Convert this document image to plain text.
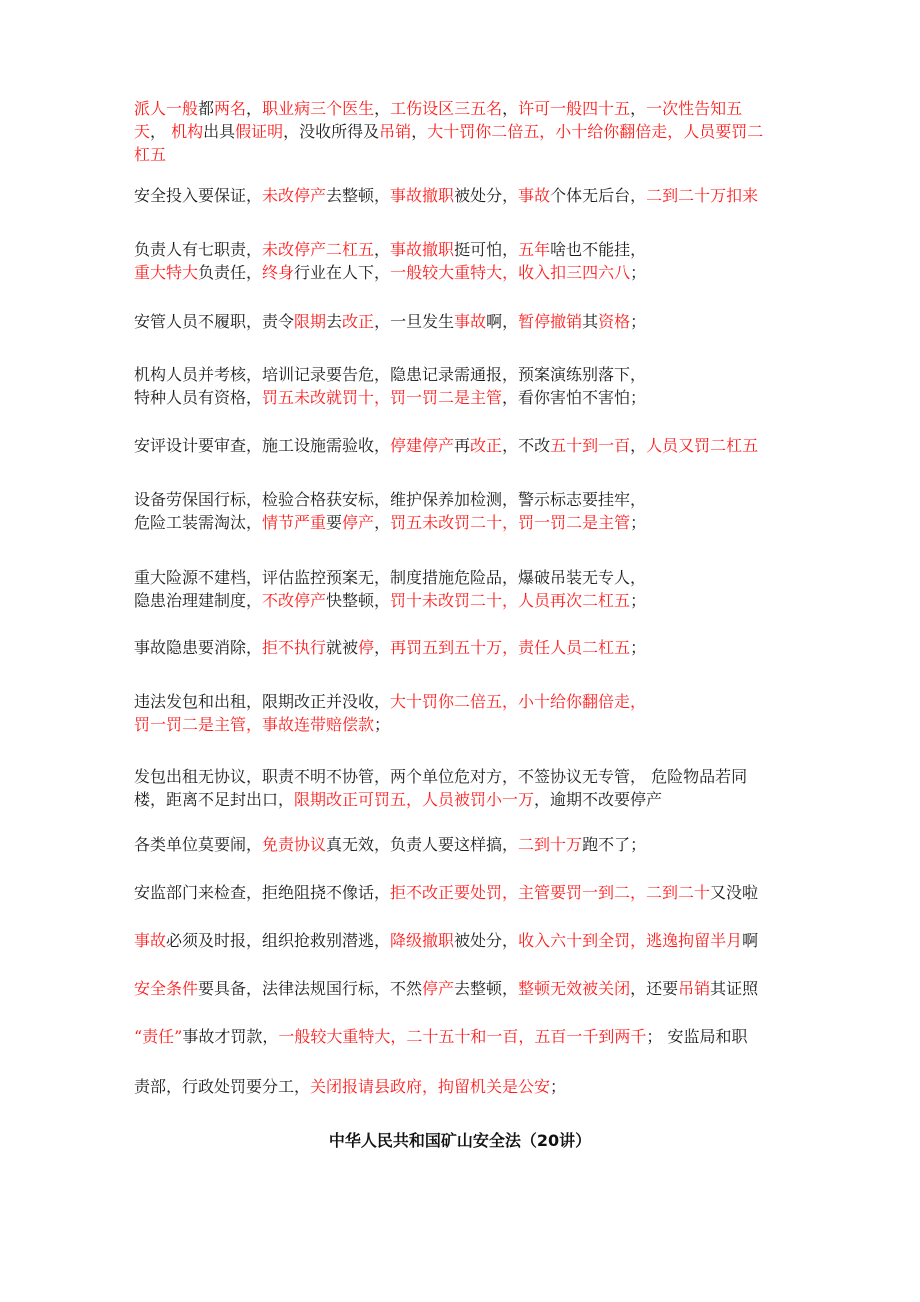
派人一般都两名，职业病三个医生，工伤设区三五名，许可一般四十五，一次性告知五
天， 机构出具假证明，没收所得及吊销，大十罚你二倍五，小十给你翻倍走，人员要罚二
杠五
安全投入要保证，未改停产去整顿，事故撤职被处分，事故个体无后台，二到二十万扣来
负责人有七职责，未改停产二杠五，事故撤职挺可怕，五年啥也不能挂，
重大特大负责任，终身行业在人下，一般较大重特大，收入扣三四六八；
安管人员不履职，责令限期去改正，一旦发生事故啊，暂停撤销其资格；
机构人员并考核，培训记录要告危，隐患记录需通报，预案演练别落下，
特种人员有资格，罚五未改就罚十，罚一罚二是主管，看你害怕不害怕；
安评设计要审查，施工设施需验收，停建停产再改正，不改五十到一百，人员又罚二杠五
设备劳保国行标，检验合格获安标，维护保养加检测，警示标志要挂牢，
危险工装需淘汰，情节严重要停产，罚五未改罚二十，罚一罚二是主管；
重大险源不建档，评估监控预案无，制度措施危险品，爆破吊装无专人，
隐患治理建制度，不改停产快整顿，罚十未改罚二十，人员再次二杠五；
事故隐患要消除，拒不执行就被停，再罚五到五十万，责任人员二杠五；
违法发包和出租，限期改正并没收，大十罚你二倍五，小十给你翻倍走，
罚一罚二是主管，事故连带赔偿款；
发包出租无协议，职责不明不协管，两个单位危对方，不签协议无专管， 危险物品若同
楼，距离不足封出口，限期改正可罚五，人员被罚小一万，逾期不改要停产
各类单位莫要闹，免责协议真无效，负责人要这样搞，二到十万跑不了；
安监部门来检查，拒绝阻挠不像话，拒不改正要处罚，主管要罚一到二，二到二十又没啦
事故必须及时报，组织抢救别潜逃，降级撤职被处分，收入六十到全罚，逃逸拘留半月啊
安全条件要具备，法律法规国行标，不然停产去整顿，整顿无效被关闭，还要吊销其证照
“责任”事故才罚款，一般较大重特大，二十五十和一百，五百一千到两千； 安监局和职
责部，行政处罚要分工，关闭报请县政府，拘留机关是公安；
中华人民共和国矿山安全法（20讲）
